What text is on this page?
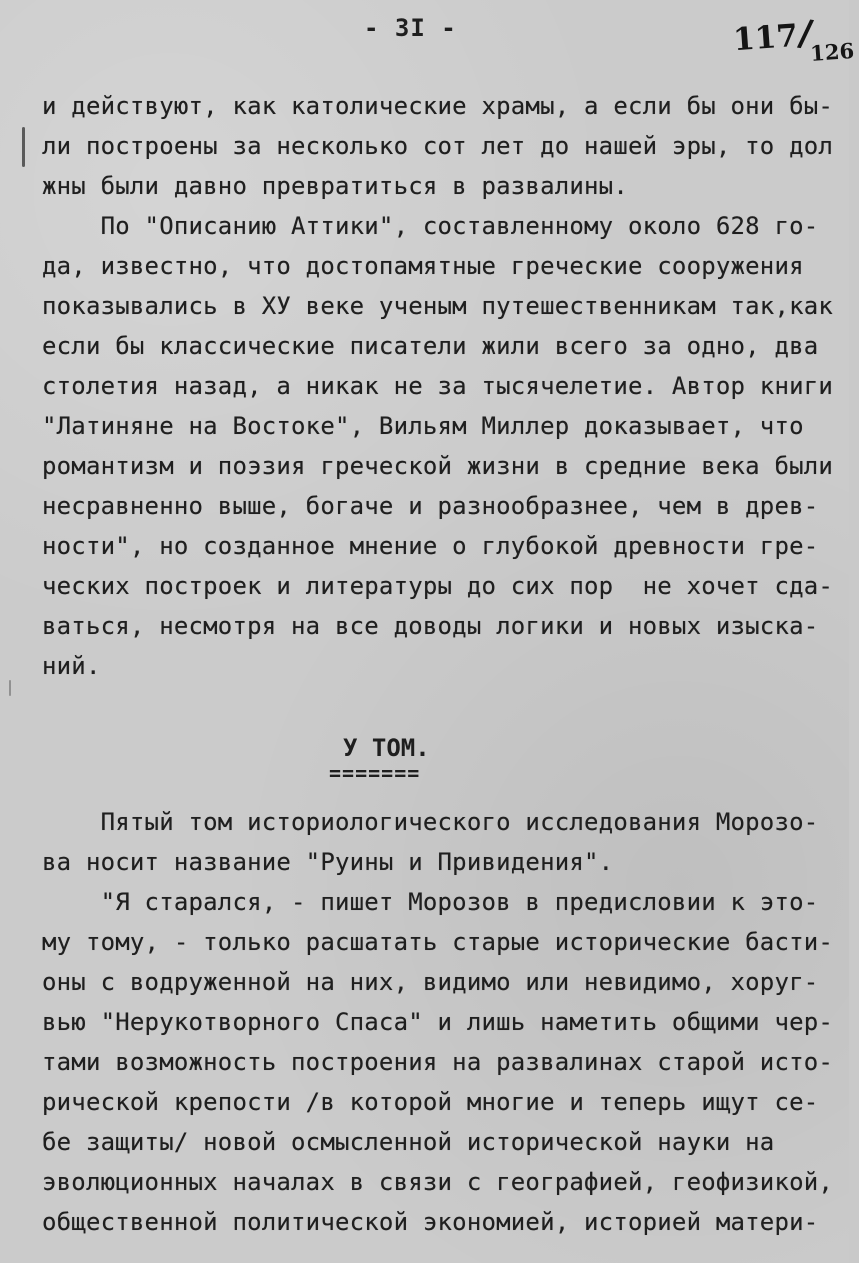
- 3I -	$117/_{126}$
и действуют, как католические храмы, а если бы они бы-
ли построены за несколько сот лет до нашей эры, то дол
жны были давно превратиться в развалины.
По "Описанию Аттики", составленному около 628 го-
да, известно, что достопамятные греческие сооружения
показывались в ХУ веке ученым путешественникам так,как
если бы классические писатели жили всего за одно, два
столетия назад, а никак не за тысячелетие. Автор книги
"Латиняне на Востоке", Вильям Миллер доказывает, что
романтизм и поэзия греческой жизни в средние века были
несравненно выше, богаче и разнообразнее, чем в древ-
ности", но созданное мнение о глубокой древности гре-
ческих построек и литературы до сих пор  не хочет сда-
ваться, несмотря на все доводы логики и новых изыска-
ний.
У ТОМ.
=======
Пятый том историологического исследования Морозо-
ва носит название "Руины и Привидения".
"Я старался, - пишет Морозов в предисловии к это-
му тому, - только расшатать старые исторические басти-
оны с водруженной на них, видимо или невидимо, хоруг-
вью "Нерукотворного Спаса" и лишь наметить общими чер-
тами возможность построения на развалинах старой исто-
рической крепости /в которой многие и теперь ищут се-
бе защиты/ новой осмысленной исторической науки на
эволюционных началах в связи с географией, геофизикой,
общественной политической экономией, историей матери-
